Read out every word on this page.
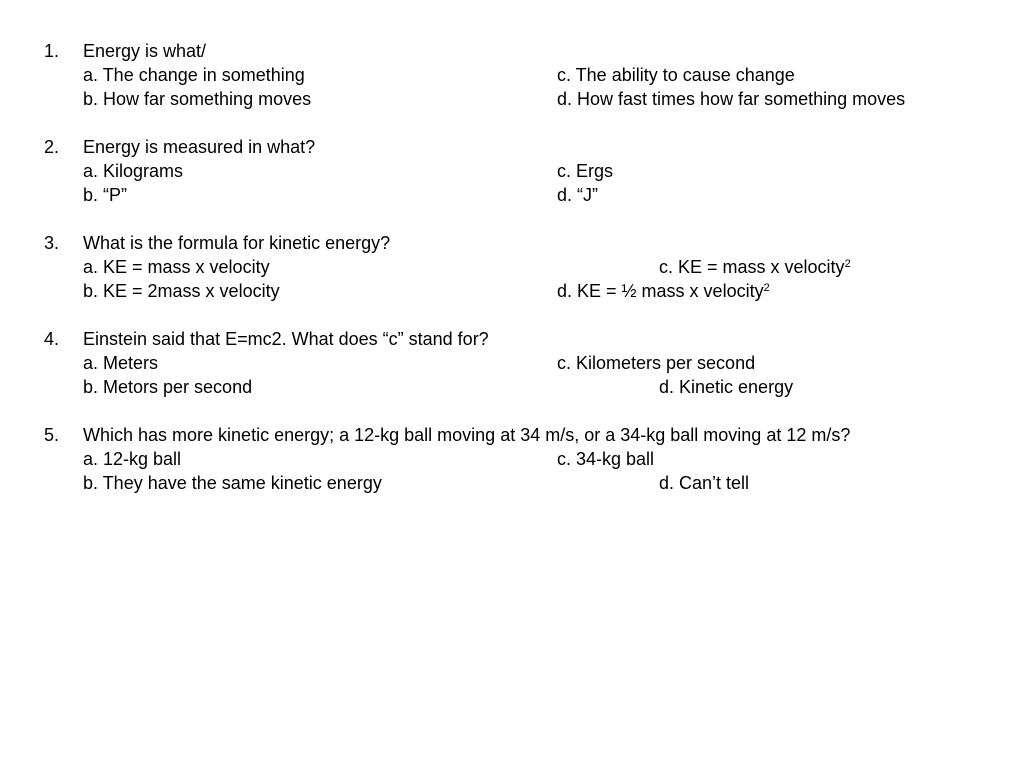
1. Energy is what/
a. The change in something	c. The ability to cause change
b. How far something moves	d. How fast times how far something moves
2. Energy is measured in what?
a. Kilograms	c. Ergs
b. “P”	d. “J”
3. What is the formula for kinetic energy?
a. KE = mass x velocity	c. KE = mass x velocity$^2$
b. KE = 2mass x velocity	d. KE = ½ mass x velocity$^2$
4. Einstein said that E=mc2. What does “c” stand for?
a. Meters	c. Kilometers per second
b. Metors per second	d. Kinetic energy
5. Which has more kinetic energy; a 12-kg ball moving at 34 m/s, or a 34-kg ball moving at 12 m/s?
a. 12-kg ball	c. 34-kg ball
b. They have the same kinetic energy	d. Can’t tell
